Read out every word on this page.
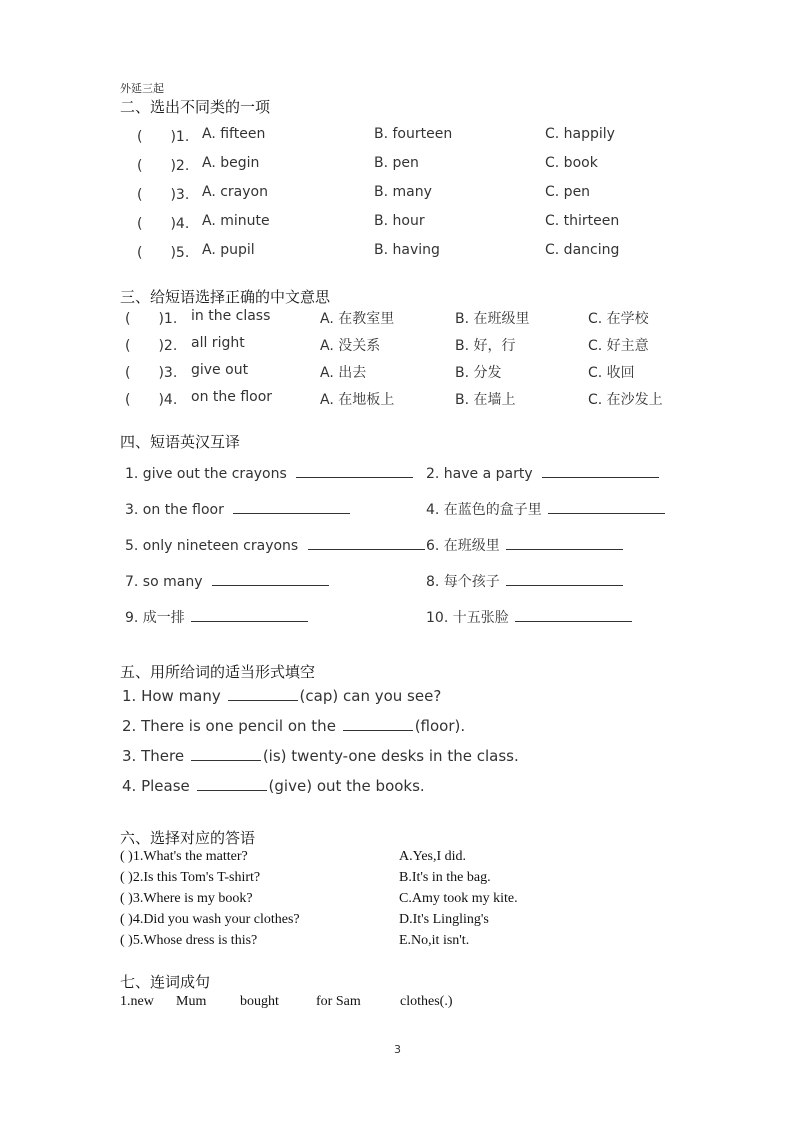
外延三起
二、选出不同类的一项
(　　)1. A. fifteen	B. fourteen	C. happily
(　　)2. A. begin	B. pen	C. book
(　　)3. A. crayon	B. many	C. pen
(　　)4. A. minute	B. hour	C. thirteen
(　　)5. A. pupil	B. having	C. dancing
三、给短语选择正确的中文意思
(　　)1. in the class	A. 在教室里	B. 在班级里	C. 在学校
(　　)2. all right	A. 没关系	B. 好，行	C. 好主意
(　　)3. give out	A. 出去	B. 分发	C. 收回
(　　)4. on the floor	A. 在地板上	B. 在墙上	C. 在沙发上
四、短语英汉互译
1. give out the crayons	2. have a party
3. on the floor	4. 在蓝色的盒子里
5. only nineteen crayons	6. 在班级里
7. so many	8. 每个孩子
9. 成一排	10. 十五张脸
五、用所给词的适当形式填空
1. How many	(cap) can you see?
2. There is one pencil on the	(floor).
3. There	(is) twenty-one desks in the class.
4. Please	(give) out the books.
六、选择对应的答语
( )1.What's the matter?	A.Yes,I did.
( )2.Is this Tom's T-shirt?	B.It's in the bag.
( )3.Where is my book?	C.Amy took my kite.
( )4.Did you wash your clothes?	D.It's Lingling's
( )5.Whose dress is this?	E.No,it isn't.
七、连词成句
1.new Mum bought	for Sam	clothes(.)
3
